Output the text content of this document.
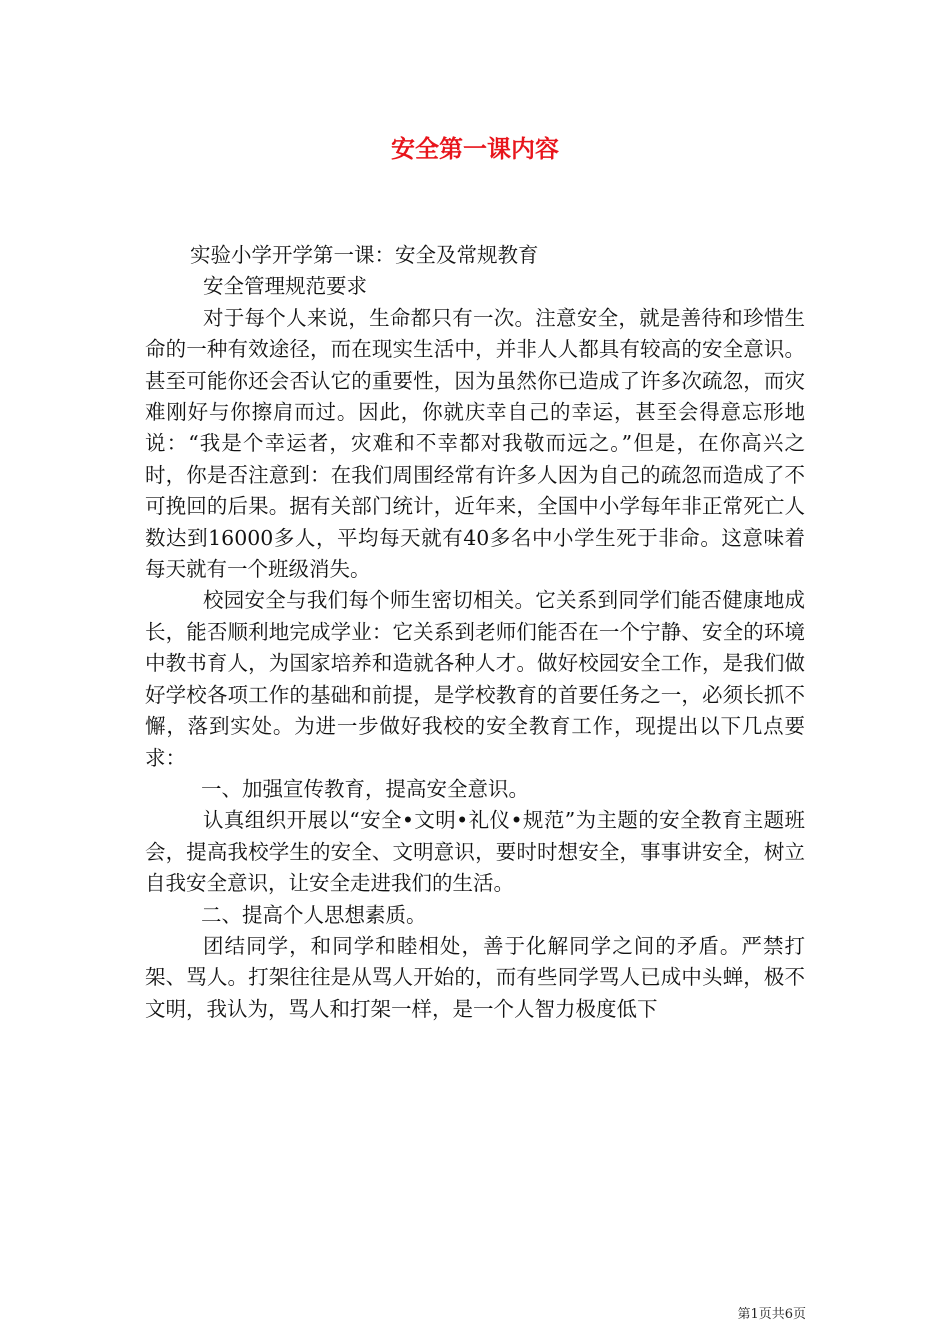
安全第一课内容

实验小学开学第一课：安全及常规教育

安全管理规范要求

对于每个人来说，生命都只有一次。注意安全，就是善待和珍惜生命的一种有效途径，而在现实生活中，并非人人都具有较高的安全意识。甚至可能你还会否认它的重要性，因为虽然你已造成了许多次疏忽，而灾难刚好与你擦肩而过。因此，你就庆幸自己的幸运，甚至会得意忘形地说：“我是个幸运者，灾难和不幸都对我敬而远之。”但是，在你高兴之时，你是否注意到：在我们周围经常有许多人因为自己的疏忽而造成了不可挽回的后果。据有关部门统计，近年来，全国中小学每年非正常死亡人数达到16000多人，平均每天就有40多名中小学生死于非命。这意味着每天就有一个班级消失。

校园安全与我们每个师生密切相关。它关系到同学们能否健康地成长，能否顺利地完成学业：它关系到老师们能否在一个宁静、安全的环境中教书育人，为国家培养和造就各种人才。做好校园安全工作，是我们做好学校各项工作的基础和前提，是学校教育的首要任务之一，必须长抓不懈，落到实处。为进一步做好我校的安全教育工作，现提出以下几点要求：

一、加强宣传教育，提高安全意识。

认真组织开展以“安全•文明•礼仪•规范”为主题的安全教育主题班会，提高我校学生的安全、文明意识，要时时想安全，事事讲安全，树立自我安全意识，让安全走进我们的生活。

二、提高个人思想素质。

团结同学，和同学和睦相处，善于化解同学之间的矛盾。严禁打架、骂人。打架往往是从骂人开始的，而有些同学骂人已成中头蝉，极不文明，我认为，骂人和打架一样，是一个人智力极度低下

第1页共6页
